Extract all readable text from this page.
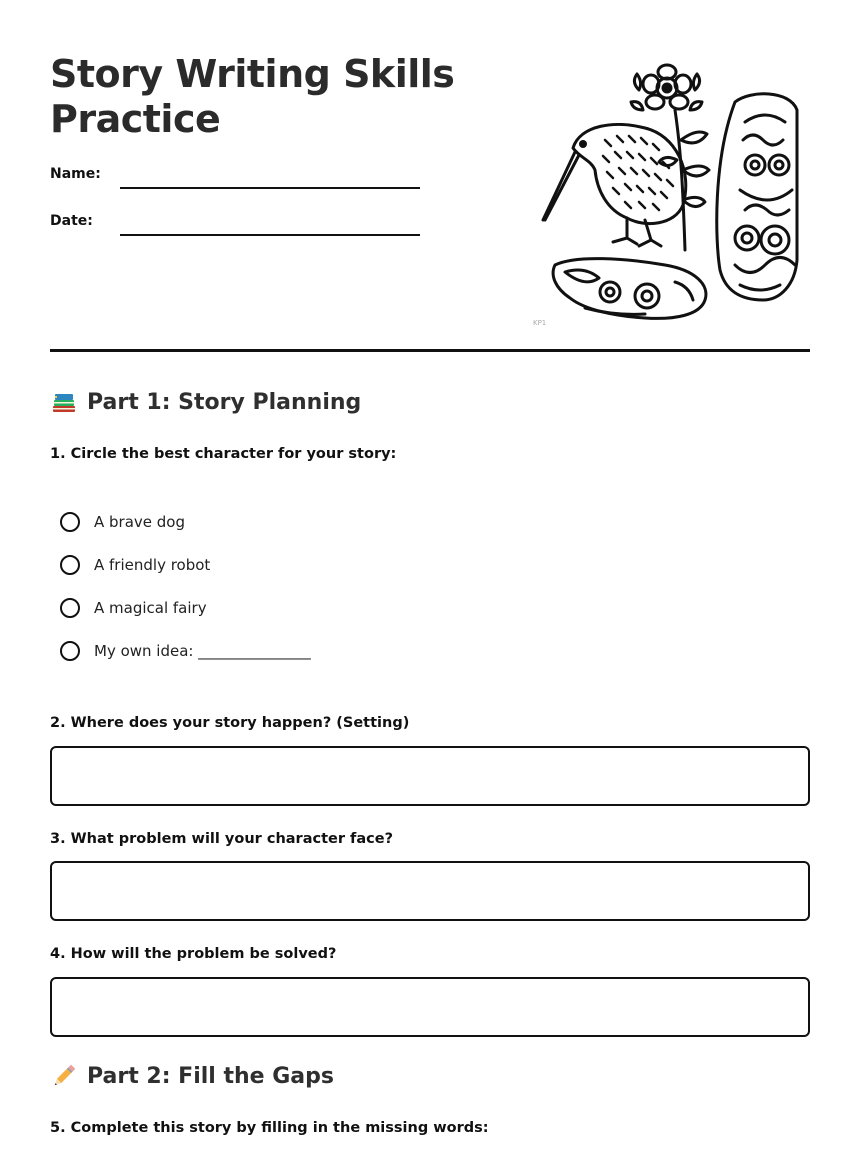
Story Writing Skills
Practice
Name:
Date:
KP1
Part 1: Story Planning
1. Circle the best character for your story:
A brave dog
A friendly robot
A magical fairy
My own idea: _______________
2. Where does your story happen? (Setting)
3. What problem will your character face?
4. How will the problem be solved?
Part 2: Fill the Gaps
5. Complete this story by filling in the missing words:
